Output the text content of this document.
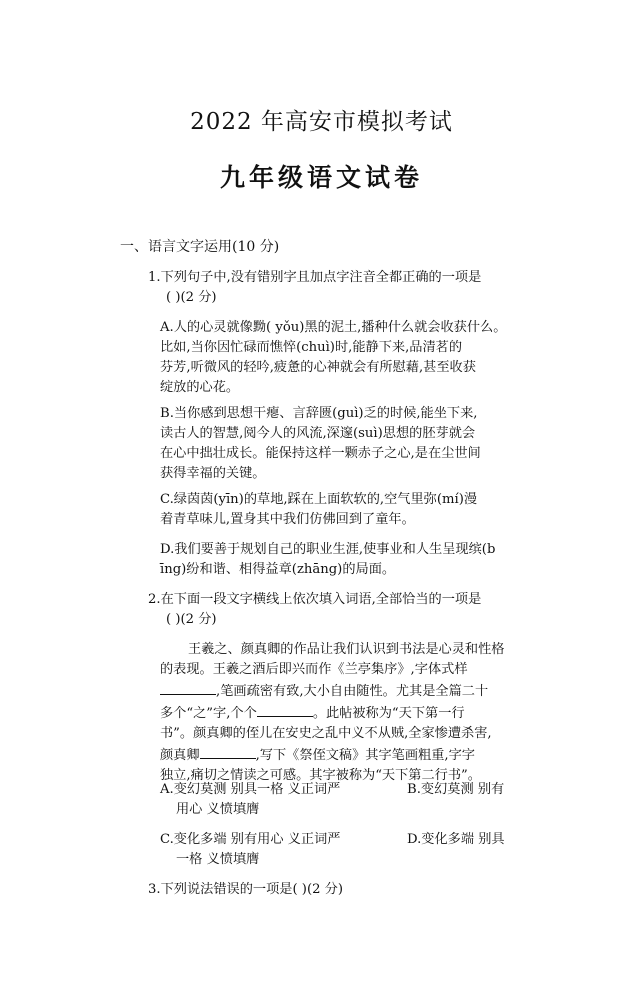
2022 年高安市模拟考试
九年级语文试卷
一、语言文字运用(10 分)
1.下列句子中,没有错别字且加点字注音全都正确的一项是
( )(2 分)
A.人的心灵就像黝( yǒu)黑的泥土,播种什么就会收获什么。
比如,当你因忙碌而憔悴(chuì)时,能静下来,品清茗的
芬芳,听微风的轻吟,疲惫的心神就会有所慰藉,甚至收获
绽放的心花。
B.当你感到思想干瘪、言辞匮(guì)乏的时候,能坐下来,
读古人的智慧,阅今人的风流,深邃(suì)思想的胚芽就会
在心中拙壮成长。能保持这样一颗赤子之心,是在尘世间
获得幸福的关键。
C.绿茵茵(yīn)的草地,踩在上面软软的,空气里弥(mí)漫
着青草味儿,置身其中我们仿佛回到了童年。
D.我们要善于规划自己的职业生涯,使事业和人生呈现缤(b
īng)纷和谐、相得益章(zhāng)的局面。
2.在下面一段文字横线上依次填入词语,全部恰当的一项是
( )(2 分)
王羲之、颜真卿的作品让我们认识到书法是心灵和性格
的表现。王羲之酒后即兴而作《兰亭集序》,字体式样
,笔画疏密有致,大小自由随性。尤其是全篇二十
多个“之”字,个个	。此帖被称为“天下第一行
书”。颜真卿的侄儿在安史之乱中义不从贼,全家惨遭杀害,
颜真卿	,写下《祭侄文稿》其字笔画粗重,字字
独立,痛切之情读之可感。其字被称为“天下第二行书”。
A.变幻莫测 别具一格 义正词严	B.变幻莫测 别有
用心 义愤填膺
C.变化多端 别有用心 义正词严	D.变化多端 别具
一格 义愤填膺
3.下列说法错误的一项是( )(2 分)
